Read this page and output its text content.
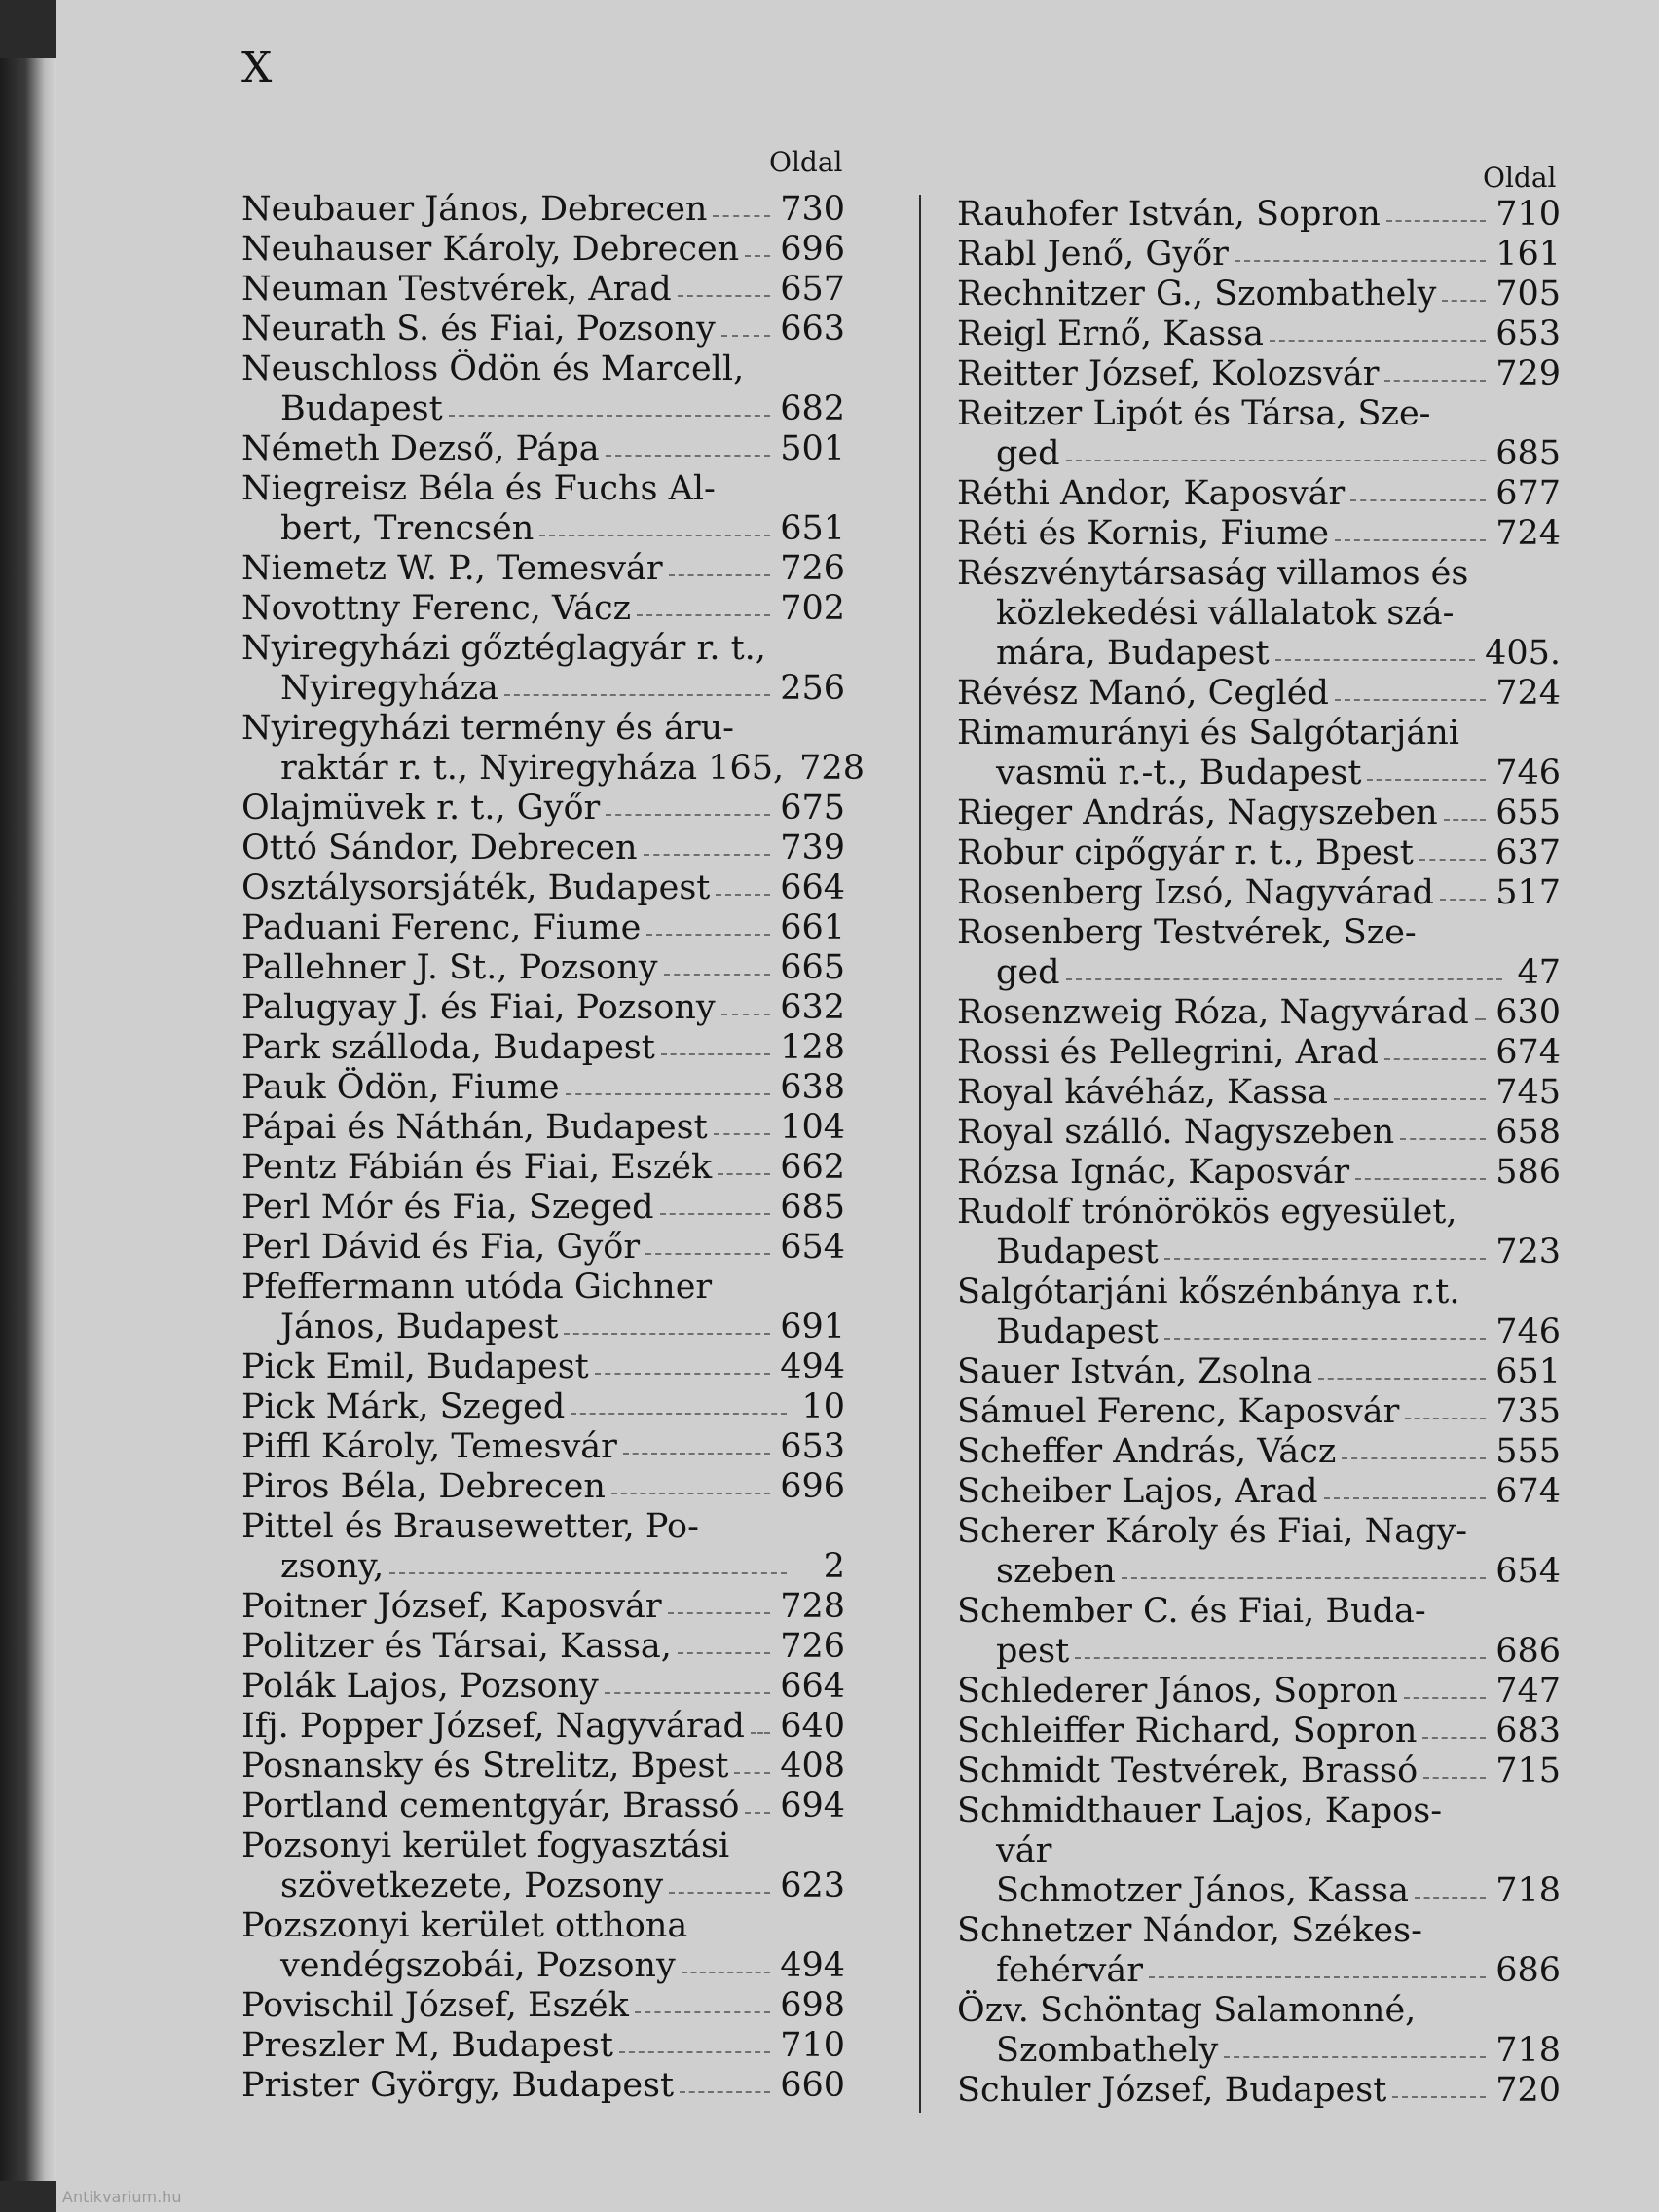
X
Oldal	Oldal
Neubauer János, Debrecen 730
Neuhauser Károly, Debrecen 696
Neuman Testvérek, Arad	657
Neurath S. és Fiai, Pozsony 663
Neuschloss Ödön és Marcell,
Budapest	682
Németh Dezső, Pápa	501
Niegreisz Béla és Fuchs Al-
bert, Trencsén	651
Niemetz W. P., Temesvár	726
Novottny Ferenc, Vácz	702
Nyiregyházi gőztéglagyár r. t.,
Nyiregyháza	256
Nyiregyházi termény és áru-
raktár r. t., Nyiregyháza 165, 728
Olajmüvek r. t., Győr	675
Ottó Sándor, Debrecen	739
Osztálysorsjáték, Budapest 664
Paduani Ferenc, Fiume	661
Pallehner J. St., Pozsony	665
Palugyay J. és Fiai, Pozsony 632
Park szálloda, Budapest	128
Pauk Ödön, Fiume	638
Pápai és Náthán, Budapest 104
Pentz Fábián és Fiai, Eszék 662
Perl Mór és Fia, Szeged	685
Perl Dávid és Fia, Győr	654
Pfeffermann utóda Gichner
János, Budapest	691
Pick Emil, Budapest	494
Pick Márk, Szeged	10
Piffl Károly, Temesvár	653
Piros Béla, Debrecen	696
Pittel és Brausewetter, Po-
zsony,	2
Poitner József, Kaposvár	728
Politzer és Társai, Kassa,	726
Polák Lajos, Pozsony	664
Ifj. Popper József, Nagyvárad 640
Posnansky és Strelitz, Bpest 408
Portland cementgyár, Brassó 694
Pozsonyi kerület fogyasztási
szövetkezete, Pozsony	623
Pozszonyi kerület otthona
vendégszobái, Pozsony	494
Povischil József, Eszék	698
Preszler M, Budapest	710
Prister György, Budapest	660
Rauhofer István, Sopron	710
Rabl Jenő, Győr	161
Rechnitzer G., Szombathely 705
Reigl Ernő, Kassa	653
Reitter József, Kolozsvár	729
Reitzer Lipót és Társa, Sze-
ged	685
Réthi Andor, Kaposvár	677
Réti és Kornis, Fiume	724
Részvénytársaság villamos és
közlekedési vállalatok szá-
mára, Budapest	405.
Révész Manó, Cegléd	724
Rimamurányi és Salgótarjáni
vasmü r.-t., Budapest	746
Rieger András, Nagyszeben 655
Robur cipőgyár r. t., Bpest 637
Rosenberg Izsó, Nagyvárad 517
Rosenberg Testvérek, Sze-
ged	47
Rosenzweig Róza, Nagyvárad 630
Rossi és Pellegrini, Arad	674
Royal kávéház, Kassa	745
Royal szálló. Nagyszeben	658
Rózsa Ignác, Kaposvár	586
Rudolf trónörökös egyesület,
Budapest	723
Salgótarjáni kőszénbánya r.t.
Budapest	746
Sauer István, Zsolna	651
Sámuel Ferenc, Kaposvár	735
Scheffer András, Vácz	555
Scheiber Lajos, Arad	674
Scherer Károly és Fiai, Nagy-
szeben	654
Schember C. és Fiai, Buda-
pest	686
Schlederer János, Sopron	747
Schleiffer Richard, Sopron 683
Schmidt Testvérek, Brassó 715
Schmidthauer Lajos, Kapos-
vár
Schmotzer János, Kassa	718
Schnetzer Nándor, Székes-
fehérvár	686
Özv. Schöntag Salamonné,
Szombathely	718
Schuler József, Budapest	720
Antikvarium.hu
